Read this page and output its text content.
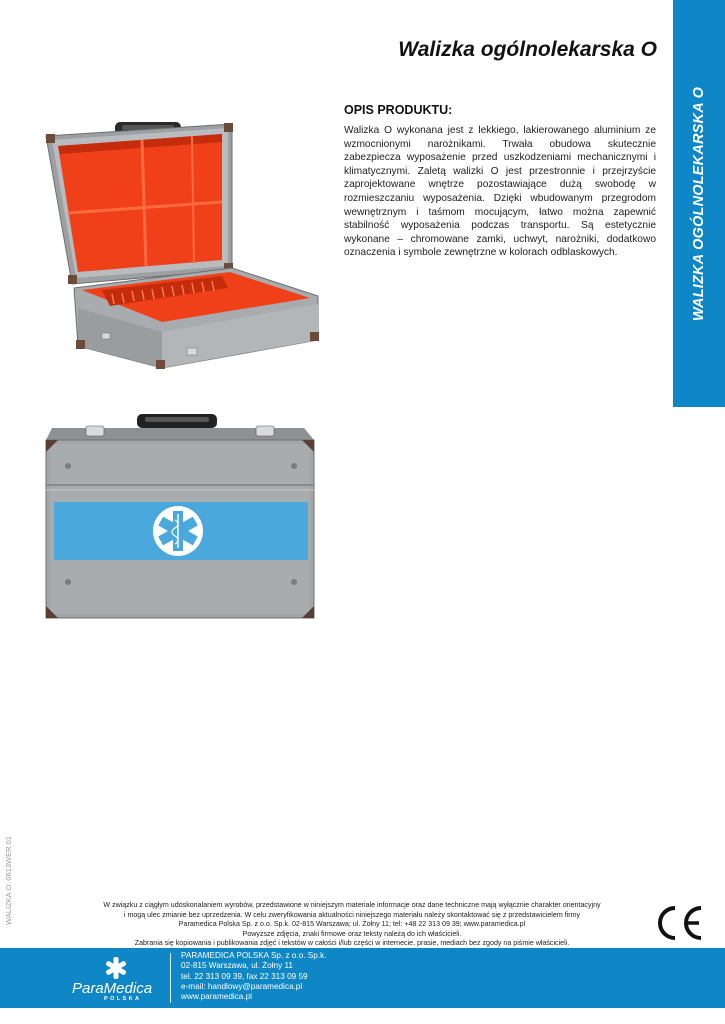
WALIZKA OGÓLNOLEKARSKA O
Walizka ogólnolekarska O
OPIS PRODUKTU:
Walizka O wykonana jest z lekkiego, lakierowanego aluminium ze wzmocnionymi narożnikami. Trwała obudowa skutecznie zabezpiecza wyposażenie przed uszkodzeniami mechanicznymi i klimatycznymi. Zaletą walizki O jest przestronnie i przejrzyście zaprojektowane wnętrze pozostawiające dużą swobodę w rozmieszczaniu wyposażenia. Dzięki wbudowanym przegrodom wewnętrznym i taśmom mocującym, łatwo można zapewnić stabilność wyposażenia podczas transportu. Są estetycznie wykonane – chromowane zamki, uchwyt, narożniki, dodatkowo oznaczenia i symbole zewnętrzne w kolorach odblaskowych.
WALIZKA O: 0613WER.01	W związku z ciągłym udoskonalaniem wyrobów, przedstawione w niniejszym materiale informacje oraz dane techniczne mają wyłącznie charakter orientacyjny
i mogą ulec zmianie bez uprzedzenia. W celu zweryfikowania aktualności niniejszego materiału należy skontaktować się z przedstawicielem firmy
Paramedica Polska Sp. z o.o. Sp.k. 02-815 Warszawa; ul. Żołny 11; tel: +48 22 313 09 39; www.paramedica.pl
Powyższe zdjęcia, znaki firmowe oraz teksty należą do ich właścicieli.
Zabrania się kopiowania i publikowania zdjęć i tekstów w całości i/lub części w internecie, prasie, mediach bez zgody na piśmie właścicieli.
ParaMedica
POLSKA
PARAMEDICA POLSKA Sp. z o.o. Sp.k.
02-815 Warszawa, ul. Żołny 11
tel. 22 313 09 39, fax 22 313 09 59
e-mail: handlowy@paramedica.pl
www.paramedica.pl
